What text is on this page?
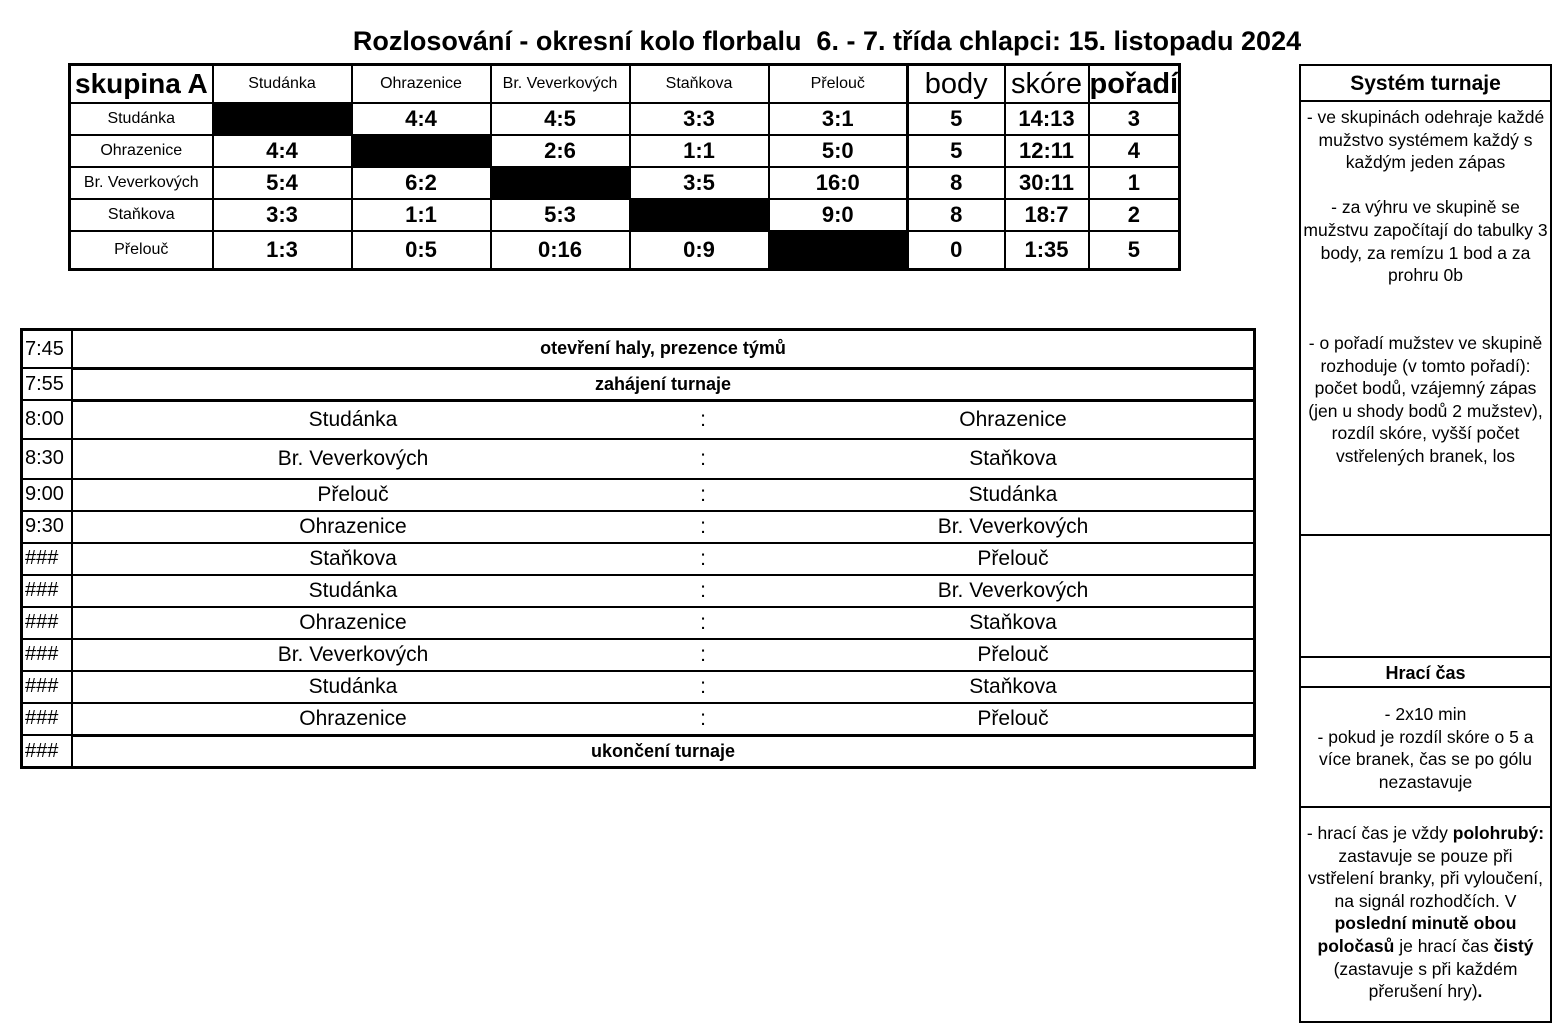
Rozlosování - okresní kolo florbalu  6. - 7. třída chlapci: 15. listopadu 2024
skupina A	Studánka	Ohrazenice	Br. Veverkových	Staňkova	Přelouč	body	skóre	pořadí
Studánka		4:4	4:5	3:3	3:1	5	14:13	3
Ohrazenice	4:4		2:6	1:1	5:0	5	12:11	4
Br. Veverkových	5:4	6:2		3:5	16:0	8	30:11	1
Staňkova	3:3	1:1	5:3		9:0	8	18:7	2
Přelouč	1:3	0:5	0:16	0:9		0	1:35	5
7:45	otevření haly, prezence týmů
7:55	zahájení turnaje
8:00	Studánka : Ohrazenice

8:30	Br. Veverkových : Staňkova

9:00	Přelouč : Studánka

9:30	Ohrazenice : Br. Veverkových

###	Staňkova : Přelouč

###	Studánka : Br. Veverkových

###	Ohrazenice : Staňkova

###	Br. Veverkových : Přelouč

###	Studánka : Staňkova

###	Ohrazenice : Přelouč

###	ukončení turnaje
Systém turnaje
- ve skupinách odehraje každé mužstvo systémem každý s každým jeden zápas

- za výhru ve skupině se mužstvu započítají do tabulky 3 body, za remízu 1 bod a za prohru 0b

- o pořadí mužstev ve skupině rozhoduje (v tomto pořadí): počet bodů, vzájemný zápas (jen u shody bodů 2 mužstev), rozdíl skóre, vyšší počet vstřelených branek, los
Hrací čas
- 2x10 min
- pokud je rozdíl skóre o 5 a více branek, čas se po gólu nezastavuje
- hrací čas je vždy polohrubý: zastavuje se pouze při vstřelení branky, při vyloučení, na signál rozhodčích. V poslední minutě obou poločasů je hrací čas čistý (zastavuje s při každém přerušení hry).
